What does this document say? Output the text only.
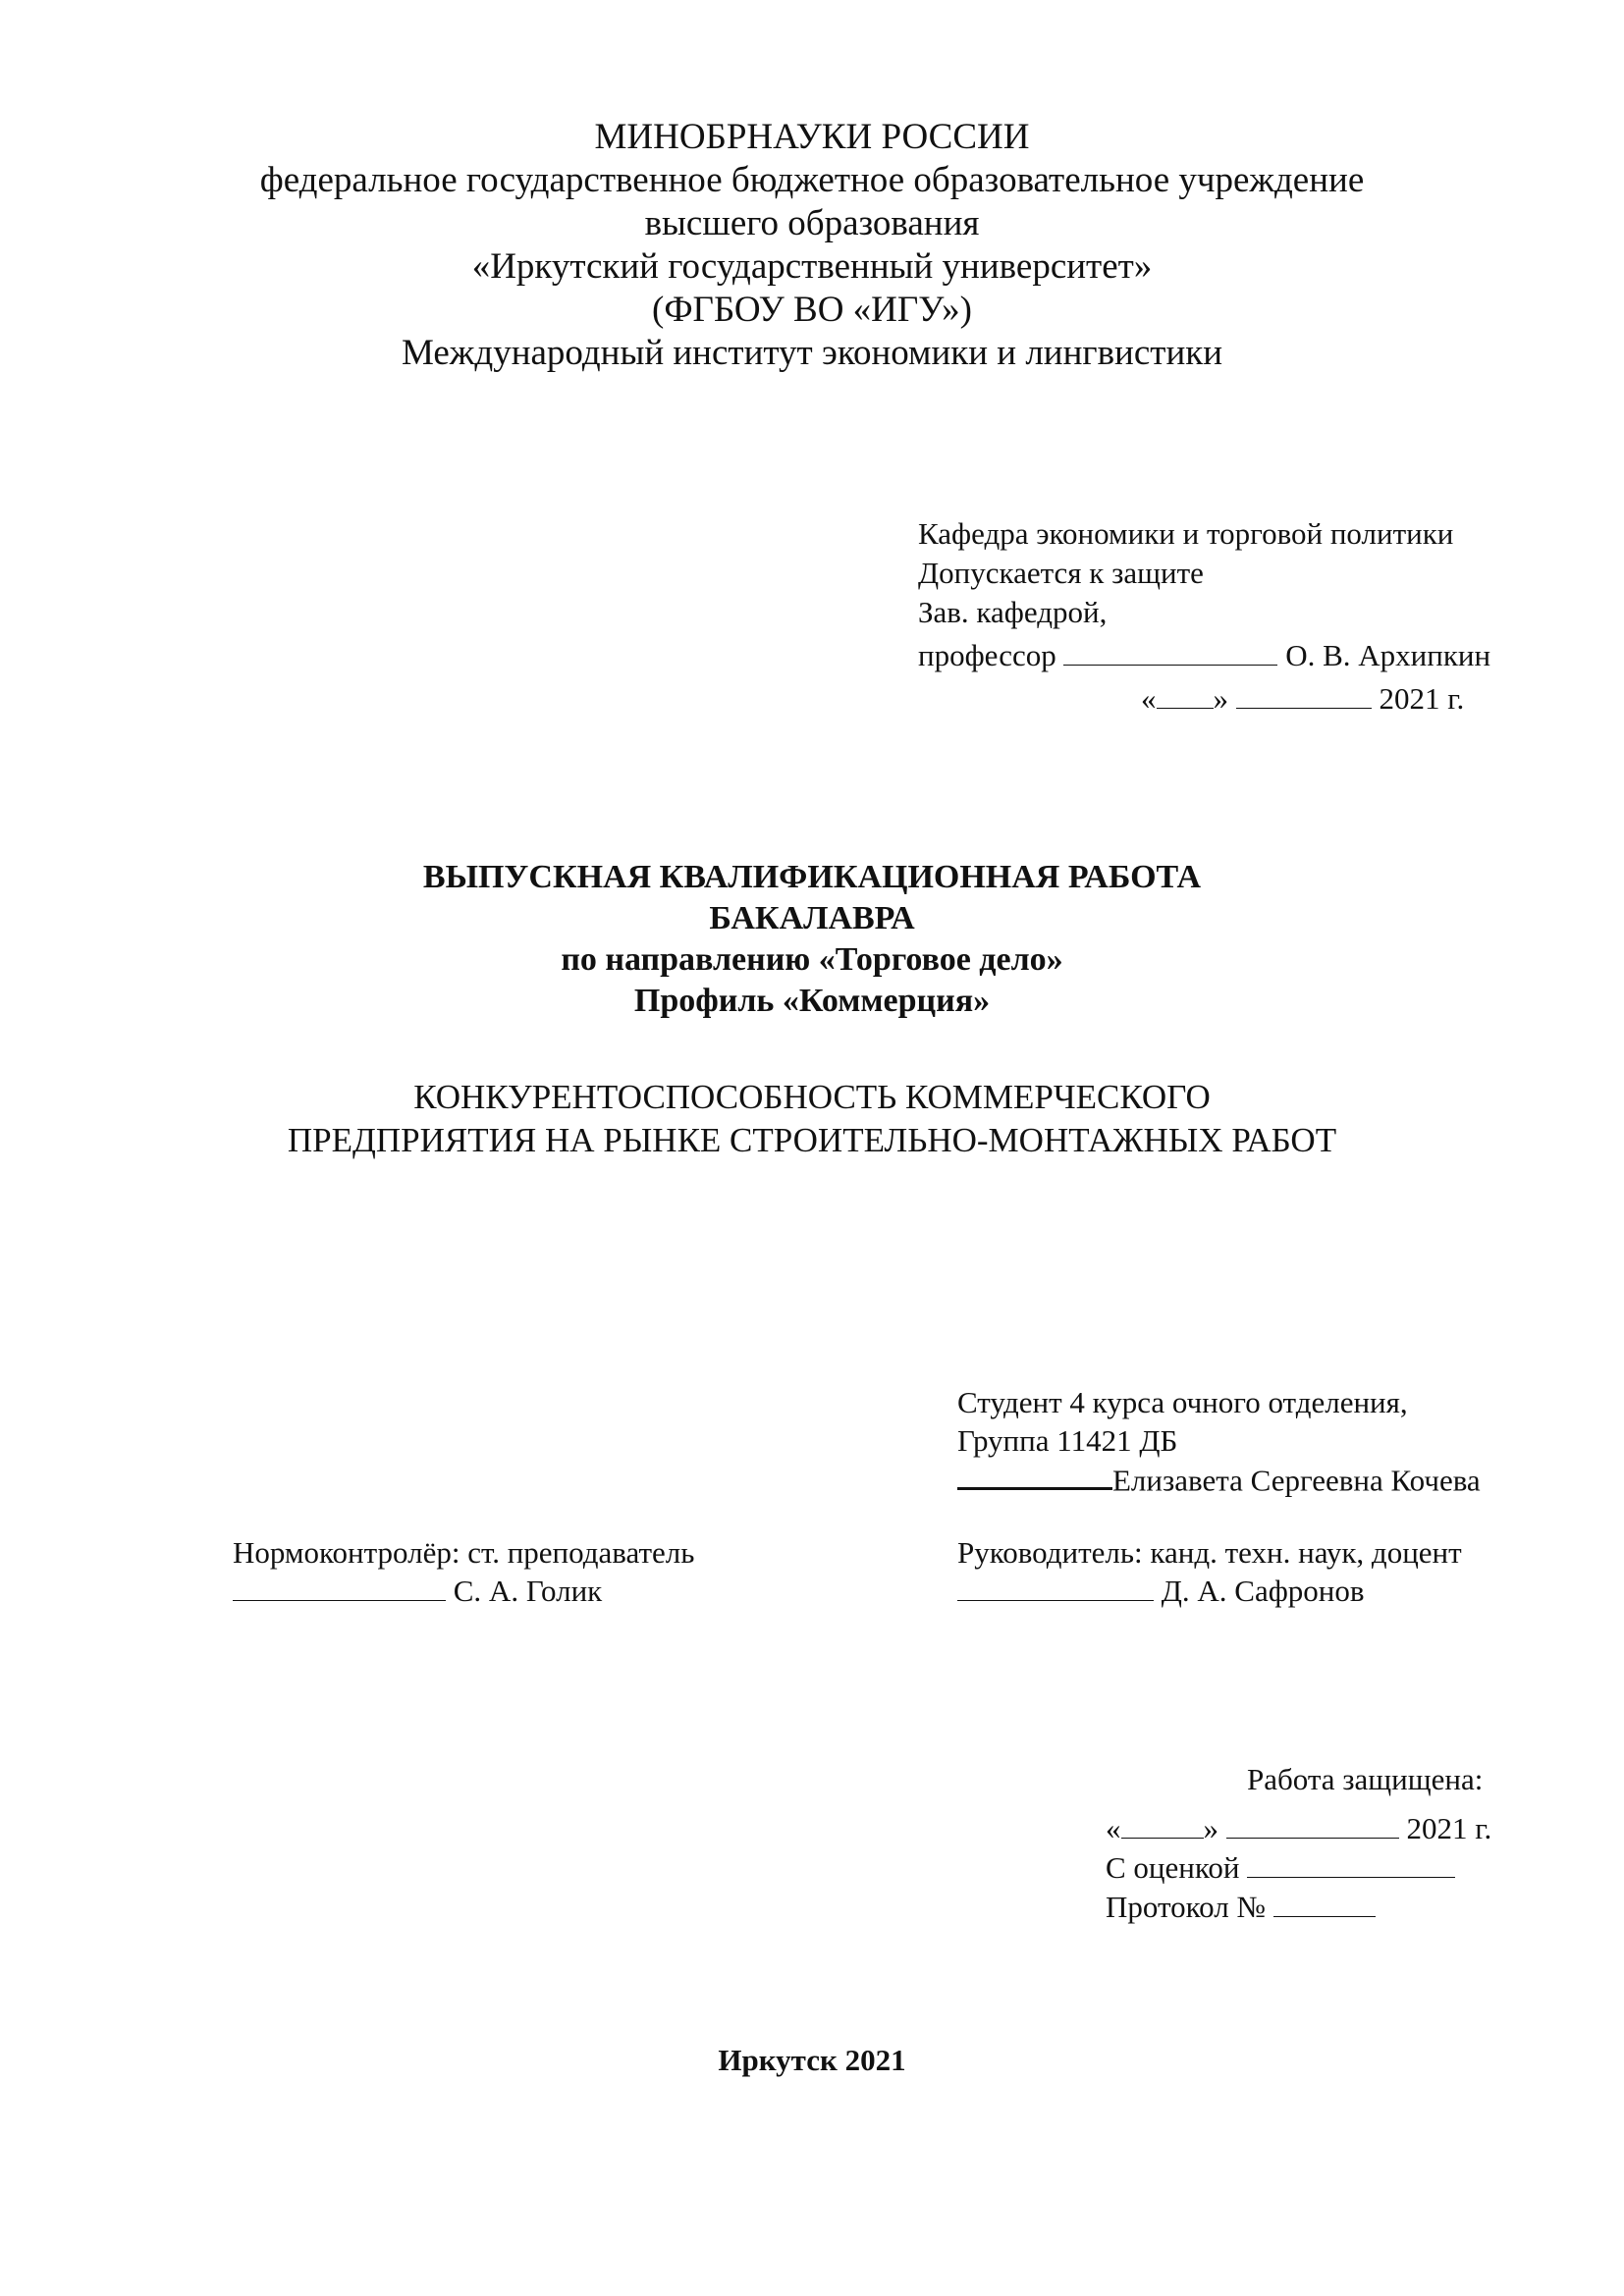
МИНОБРНАУКИ РОССИИ
федеральное государственное бюджетное образовательное учреждение
высшего образования
«Иркутский государственный университет»
(ФГБОУ ВО «ИГУ»)
Международный институт экономики и лингвистики
Кафедра экономики и торговой политики
Допускается к защите
Зав. кафедрой,
профессор	О. В. Архипкин
« »	2021 г.
ВЫПУСКНАЯ КВАЛИФИКАЦИОННАЯ РАБОТА
БАКАЛАВРА
по направлению «Торговое дело»
Профиль «Коммерция»
КОНКУРЕНТОСПОСОБНОСТЬ КОММЕРЧЕСКОГО
ПРЕДПРИЯТИЯ НА РЫНКЕ СТРОИТЕЛЬНО-МОНТАЖНЫХ РАБОТ
Студент 4 курса очного отделения,
Группа 11421 ДБ
Елизавета Сергеевна Кочева
Нормоконтролёр: ст. преподаватель
С. А. Голик
Руководитель: канд. техн. наук, доцент
Д. А. Сафронов
Работа защищена:
«	»	2021 г.
С оценкой
Протокол №
Иркутск 2021
